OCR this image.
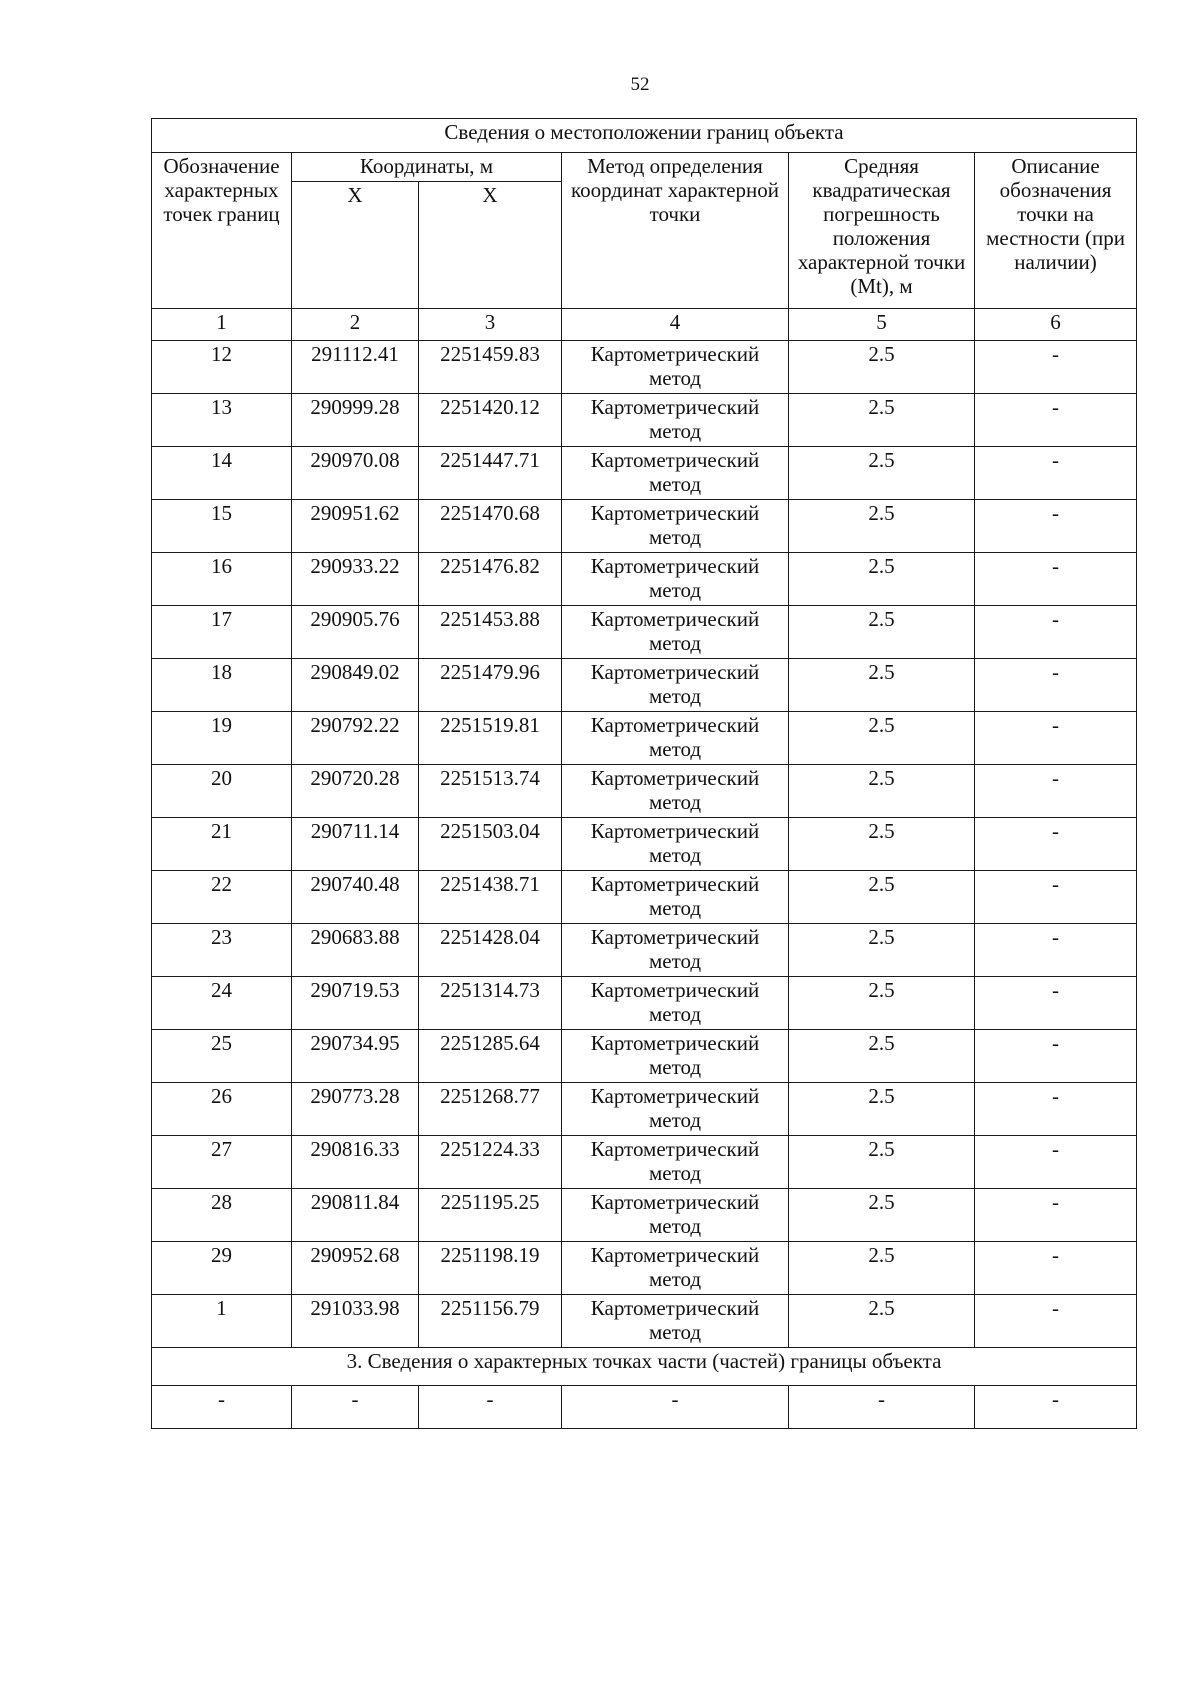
52
Сведения о местоположении границ объекта					
Обозначение характерных точек границ	Координаты, м		Метод определения координат характерной точки	Средняя квадратическая погрешность положения характерной точки (Mt), м	Описание обозначения точки на местности (при наличии)
	X	X			
1	2	3	4	5	6
12	291112.41	2251459.83	Картометрический метод	2.5	-
13	290999.28	2251420.12	Картометрический метод	2.5	-
14	290970.08	2251447.71	Картометрический метод	2.5	-
15	290951.62	2251470.68	Картометрический метод	2.5	-
16	290933.22	2251476.82	Картометрический метод	2.5	-
17	290905.76	2251453.88	Картометрический метод	2.5	-
18	290849.02	2251479.96	Картометрический метод	2.5	-
19	290792.22	2251519.81	Картометрический метод	2.5	-
20	290720.28	2251513.74	Картометрический метод	2.5	-
21	290711.14	2251503.04	Картометрический метод	2.5	-
22	290740.48	2251438.71	Картометрический метод	2.5	-
23	290683.88	2251428.04	Картометрический метод	2.5	-
24	290719.53	2251314.73	Картометрический метод	2.5	-
25	290734.95	2251285.64	Картометрический метод	2.5	-
26	290773.28	2251268.77	Картометрический метод	2.5	-
27	290816.33	2251224.33	Картометрический метод	2.5	-
28	290811.84	2251195.25	Картометрический метод	2.5	-
29	290952.68	2251198.19	Картометрический метод	2.5	-
1	291033.98	2251156.79	Картометрический метод	2.5	-
3. Сведения о характерных точках части (частей) границы объекта					
-	-	-	-	-	-
